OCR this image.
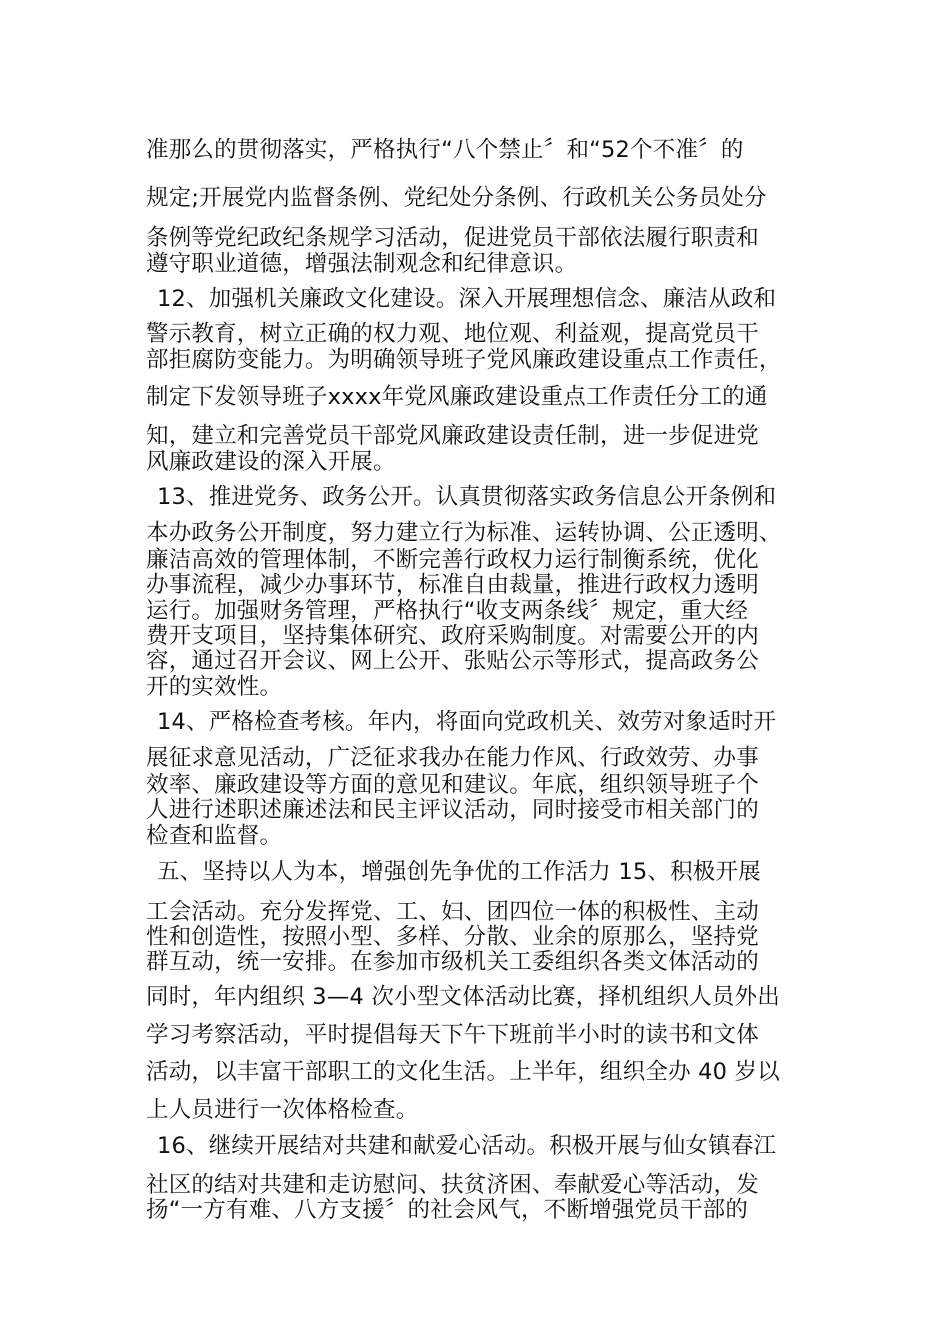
准那么的贯彻落实，严格执行“八个禁止〞和“52个不准〞的
规定;开展党内监督条例、党纪处分条例、行政机关公务员处分
条例等党纪政纪条规学习活动，促进党员干部依法履行职责和
遵守职业道德，增强法制观念和纪律意识。
12、加强机关廉政文化建设。深入开展理想信念、廉洁从政和
警示教育，树立正确的权力观、地位观、利益观，提高党员干
部拒腐防变能力。为明确领导班子党风廉政建设重点工作责任，
制定下发领导班子xxxx年党风廉政建设重点工作责任分工的通
知，建立和完善党员干部党风廉政建设责任制，进一步促进党
风廉政建设的深入开展。
13、推进党务、政务公开。认真贯彻落实政务信息公开条例和
本办政务公开制度，努力建立行为标准、运转协调、公正透明、
廉洁高效的管理体制，不断完善行政权力运行制衡系统，优化
办事流程，减少办事环节，标准自由裁量，推进行政权力透明
运行。加强财务管理，严格执行“收支两条线〞规定，重大经
费开支项目，坚持集体研究、政府采购制度。对需要公开的内
容，通过召开会议、网上公开、张贴公示等形式，提高政务公
开的实效性。
14、严格检查考核。年内，将面向党政机关、效劳对象适时开
展征求意见活动，广泛征求我办在能力作风、行政效劳、办事
效率、廉政建设等方面的意见和建议。年底，组织领导班子个
人进行述职述廉述法和民主评议活动，同时接受市相关部门的
检查和监督。
五、坚持以人为本，增强创先争优的工作活力 15、积极开展
工会活动。充分发挥党、工、妇、团四位一体的积极性、主动
性和创造性，按照小型、多样、分散、业余的原那么，坚持党
群互动，统一安排。在参加市级机关工委组织各类文体活动的
同时，年内组织 3—4 次小型文体活动比赛，择机组织人员外出
学习考察活动，平时提倡每天下午下班前半小时的读书和文体
活动，以丰富干部职工的文化生活。上半年，组织全办 40 岁以
上人员进行一次体格检查。
16、继续开展结对共建和献爱心活动。积极开展与仙女镇春江
社区的结对共建和走访慰问、扶贫济困、奉献爱心等活动，发
扬“一方有难、八方支援〞的社会风气，不断增强党员干部的
